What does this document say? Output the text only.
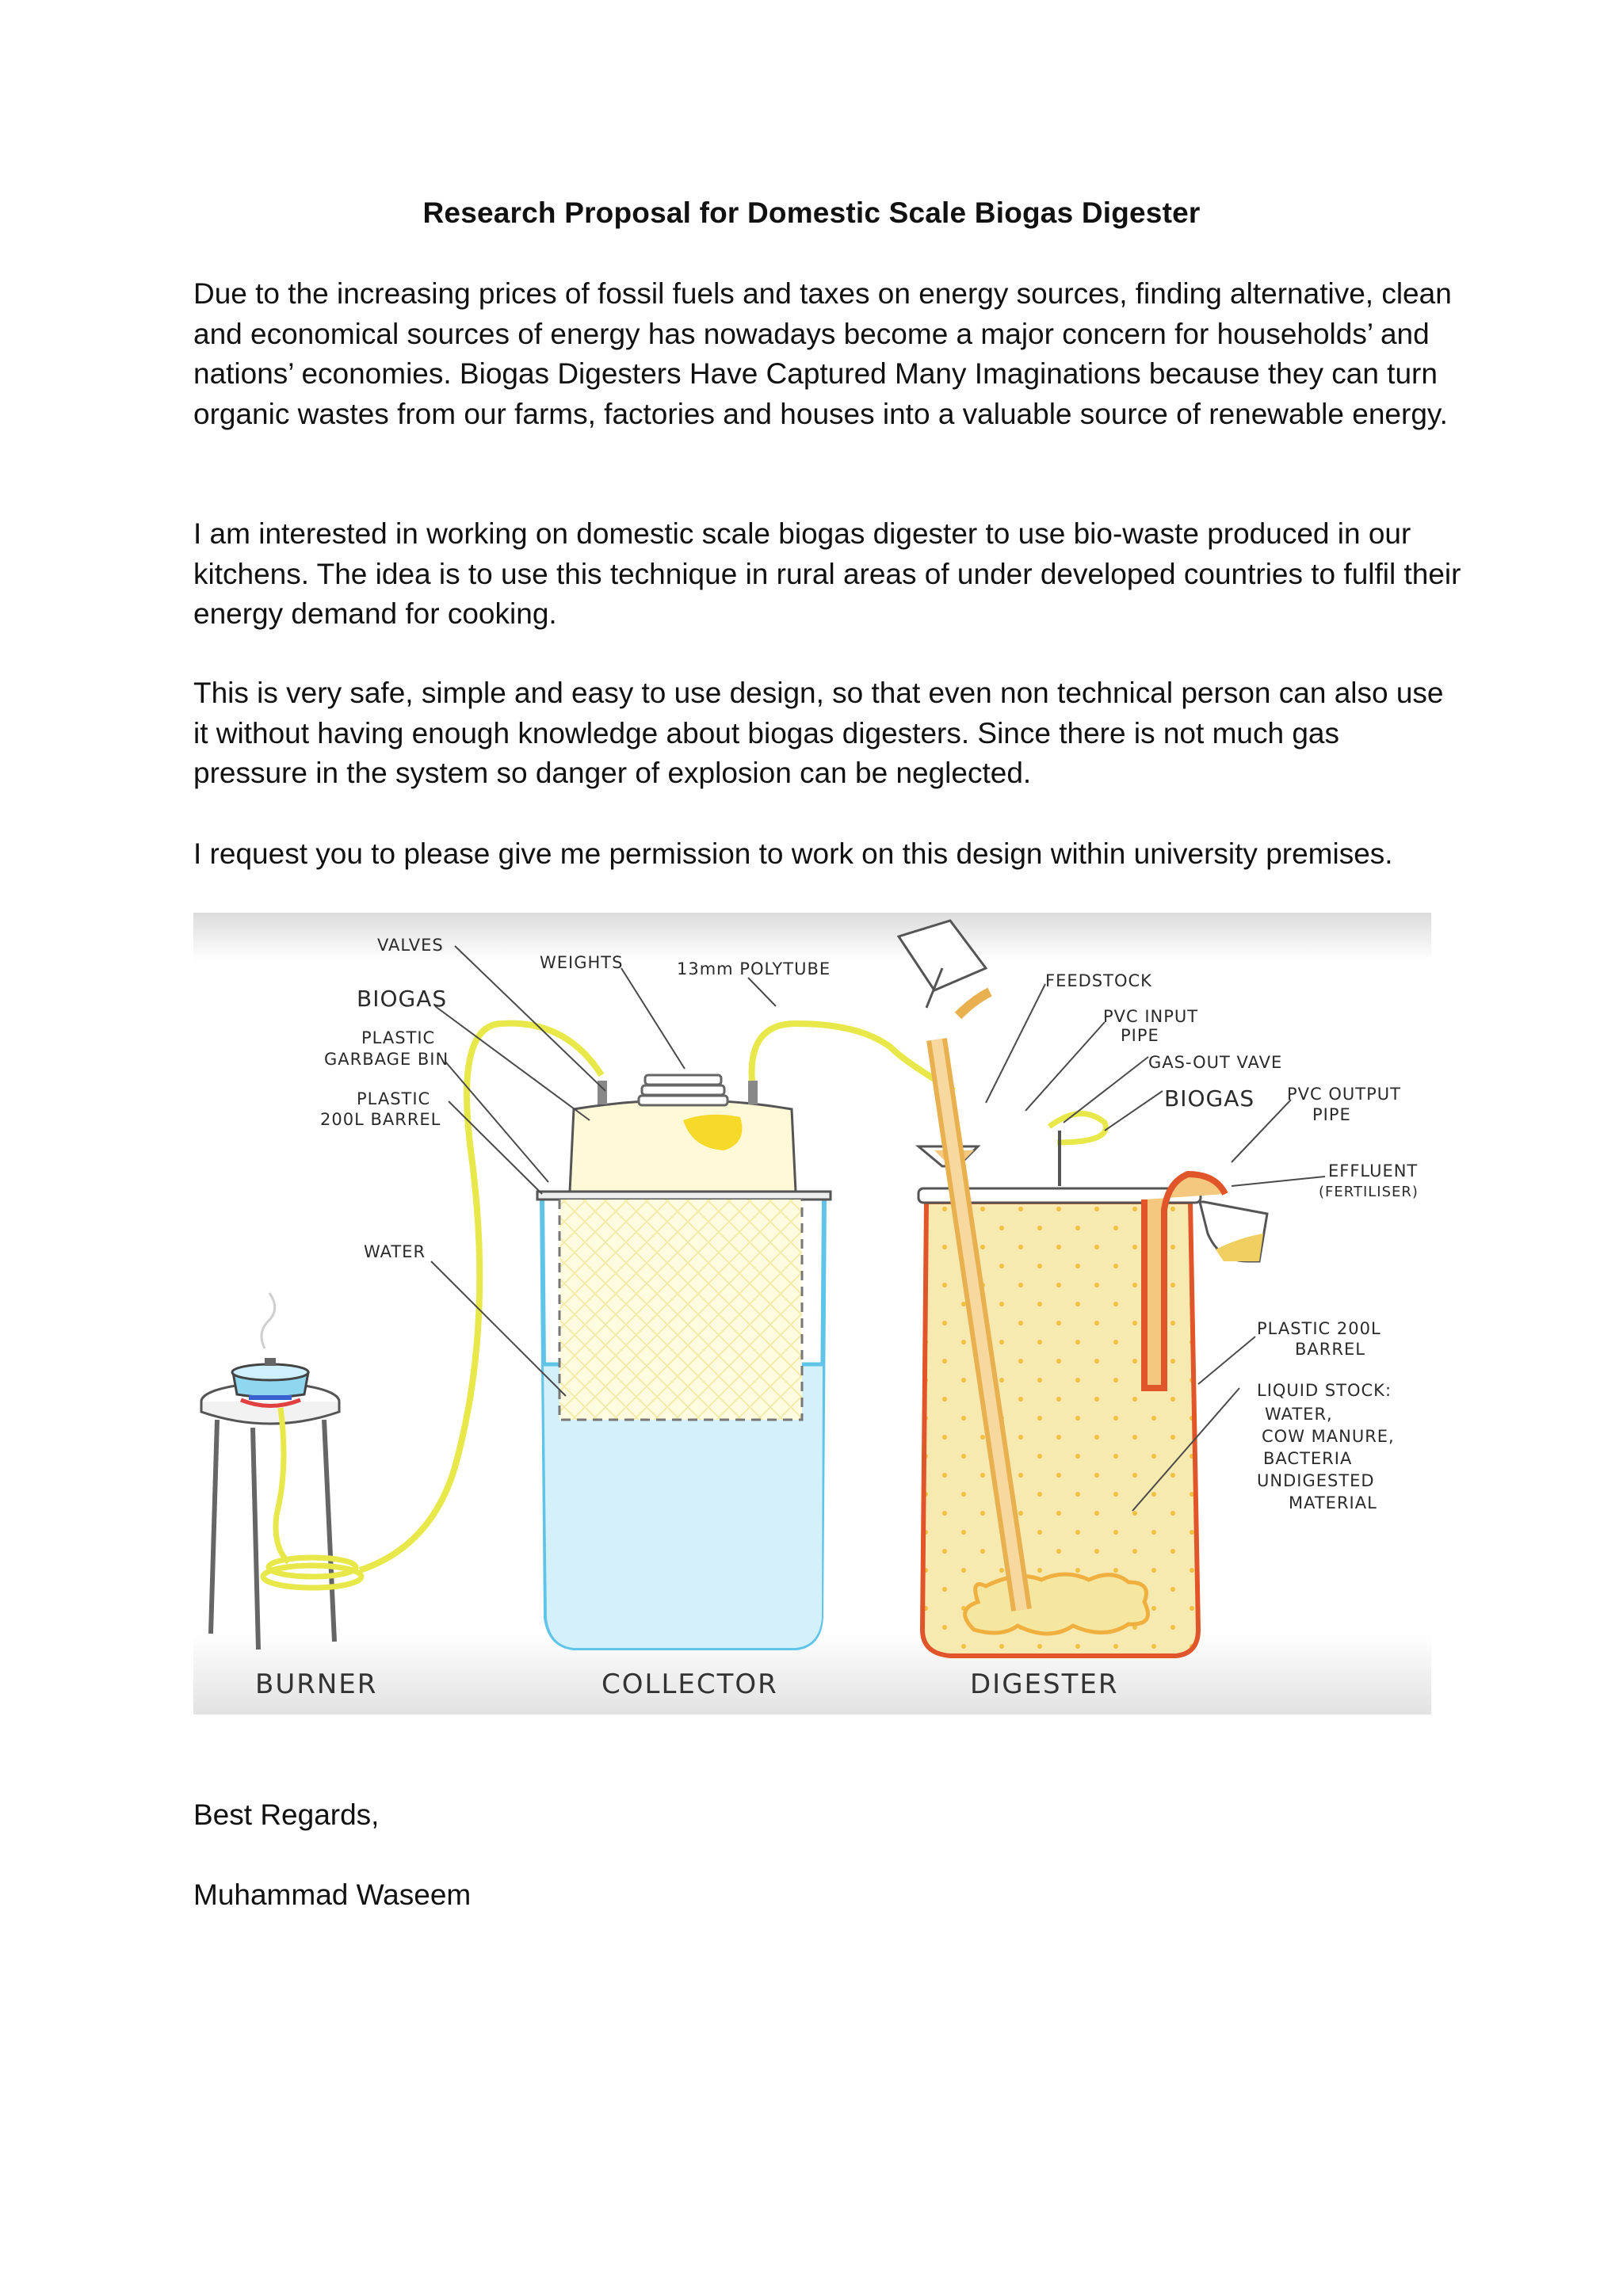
Research Proposal for Domestic Scale Biogas Digester

Due to the increasing prices of fossil fuels and taxes on energy sources, finding alternative, clean and economical sources of energy has nowadays become a major concern for households’ and nations’ economies. Biogas Digesters Have Captured Many Imaginations because they can turn organic wastes from our farms, factories and houses into a valuable source of renewable energy.

I am interested in working on domestic scale biogas digester to use bio-waste produced in our kitchens. The idea is to use this technique in rural areas of under developed countries to fulfil their energy demand for cooking.

This is very safe, simple and easy to use design, so that even non technical person can also use it without having enough knowledge about biogas digesters. Since there is not much gas pressure in the system so danger of explosion can be neglected.

I request you to please give me permission to work on this design within university premises.

VALVES
WEIGHTS	13mm POLYTUBE
BIOGAS
PLASTIC
GARBAGE BIN
PLASTIC
200L BARREL
WATER
FEEDSTOCK
PVC INPUT
PIPE
GAS-OUT VAVE
BIOGAS PVC OUTPUT
PIPE
EFFLUENT
(FERTILISER)
PLASTIC 200L
BARREL
LIQUID STOCK:
WATER,
COW MANURE,
BACTERIA
UNDIGESTED
MATERIAL
BURNER	COLLECTOR	DIGESTER

Best Regards,

Muhammad Waseem
